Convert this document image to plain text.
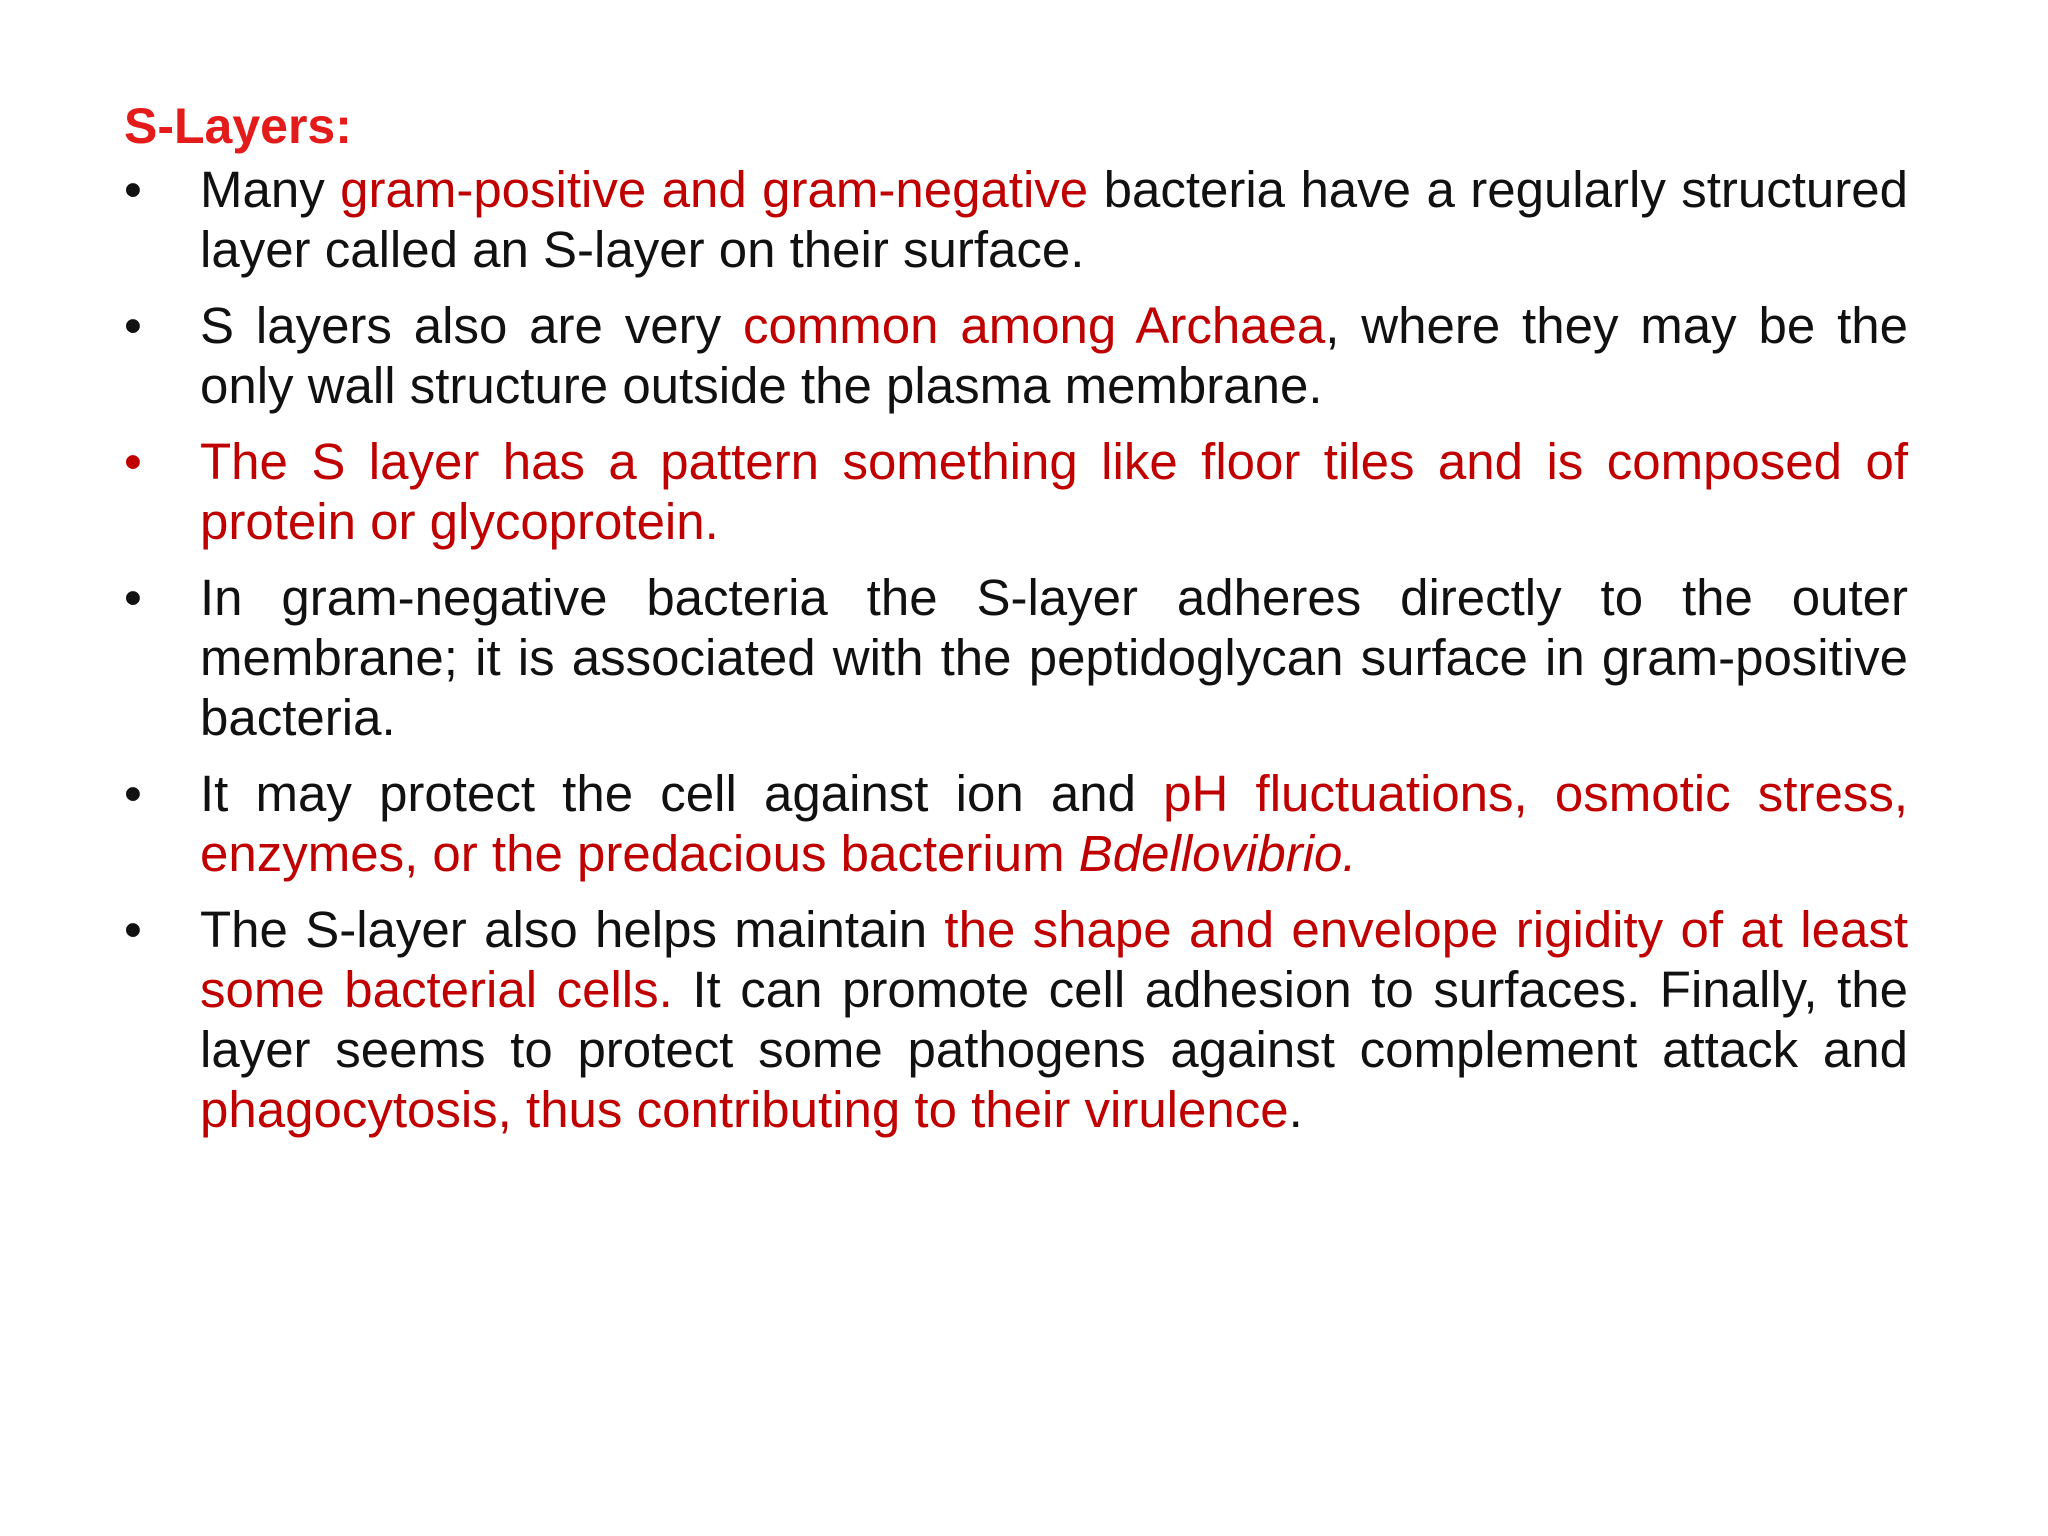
S-Layers:
•	Many gram-positive and gram-negative bacteria have a regularly structured layer called an S-layer on their surface.
•	S layers also are very common among Archaea, where they may be the only wall structure outside the plasma membrane.
•	The S layer has a pattern something like floor tiles and is composed of protein or glycoprotein.
•	In gram-negative bacteria the S-layer adheres directly to the outer membrane; it is associated with the peptidoglycan surface in gram-positive bacteria.
•	It may protect the cell against ion and pH fluctuations, osmotic stress, enzymes, or the predacious bacterium Bdellovibrio.
•	The S-layer also helps maintain the shape and envelope rigidity of at least some bacterial cells. It can promote cell adhesion to surfaces. Finally, the layer seems to protect some pathogens against complement attack and phagocytosis, thus contributing to their virulence.
